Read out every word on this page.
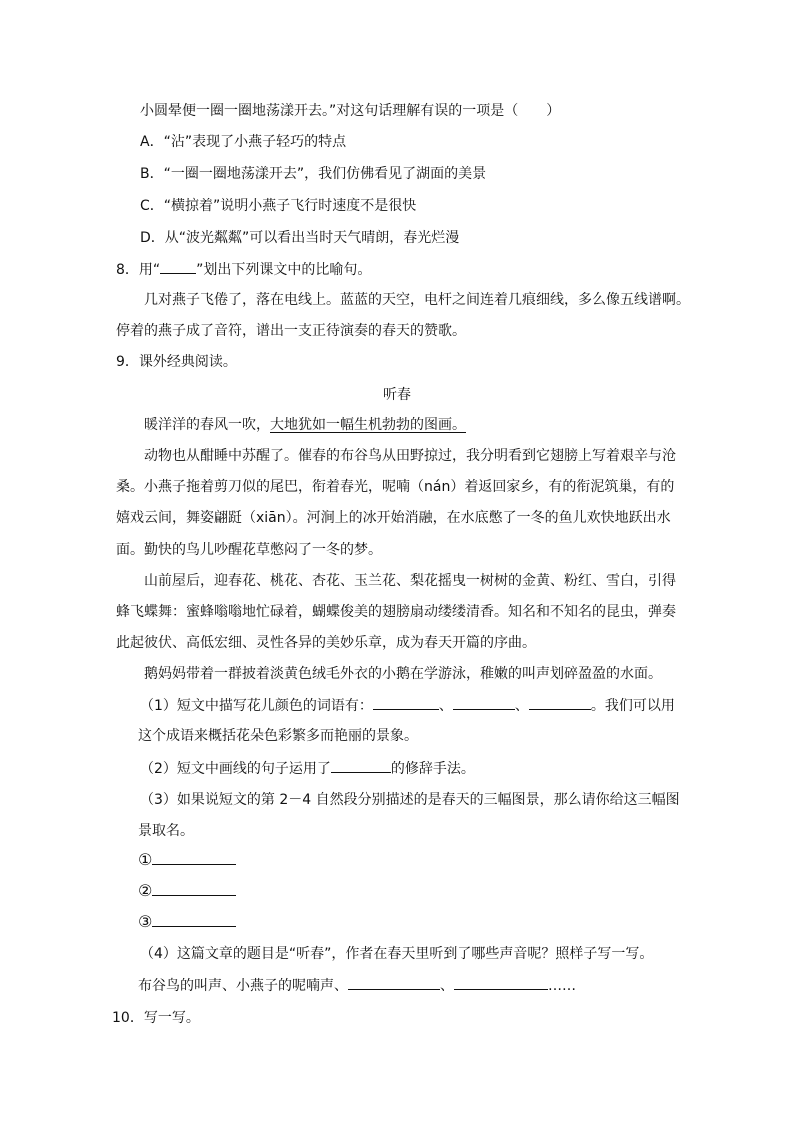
小圆晕便一圈一圈地荡漾开去。”对这句话理解有误的一项是（　　）
A．“沾”表现了小燕子轻巧的特点
B．“一圈一圈地荡漾开去”，我们仿佛看见了湖面的美景
C．“横掠着”说明小燕子飞行时速度不是很快
D．从“波光粼粼”可以看出当时天气晴朗，春光烂漫
8．用“	”划出下列课文中的比喻句。
几对燕子飞倦了，落在电线上。蓝蓝的天空，电杆之间连着几痕细线，多么像五线谱啊。
停着的燕子成了音符，谱出一支正待演奏的春天的赞歌。
9．课外经典阅读。
听春
暖洋洋的春风一吹，大地犹如一幅生机勃勃的图画。
动物也从酣睡中苏醒了。催春的布谷鸟从田野掠过，我分明看到它翅膀上写着艰辛与沧
桑。小燕子拖着剪刀似的尾巴，衔着春光，呢喃（nán）着返回家乡，有的衔泥筑巢，有的
嬉戏云间，舞姿翩跹（xiān）。河涧上的冰开始消融，在水底憋了一冬的鱼儿欢快地跃出水
面。勤快的鸟儿吵醒花草憋闷了一冬的梦。
山前屋后，迎春花、桃花、杏花、玉兰花、梨花摇曳一树树的金黄、粉红、雪白，引得
蜂飞蝶舞：蜜蜂嗡嗡地忙碌着，蝴蝶俊美的翅膀扇动缕缕清香。知名和不知名的昆虫，弹奏
此起彼伏、高低宏细、灵性各异的美妙乐章，成为春天开篇的序曲。
鹅妈妈带着一群披着淡黄色绒毛外衣的小鹅在学游泳，稚嫩的叫声划碎盈盈的水面。
（1）短文中描写花儿颜色的词语有：	、	、	。我们可以用
这个成语来概括花朵色彩繁多而艳丽的景象。
（2）短文中画线的句子运用了	的修辞手法。
（3）如果说短文的第 2－4 自然段分别描述的是春天的三幅图景，那么请你给这三幅图
景取名。
①
②
③
（4）这篇文章的题目是“听春”，作者在春天里听到了哪些声音呢？照样子写一写。
布谷鸟的叫声、小燕子的呢喃声、	、	……
10．写一写。
